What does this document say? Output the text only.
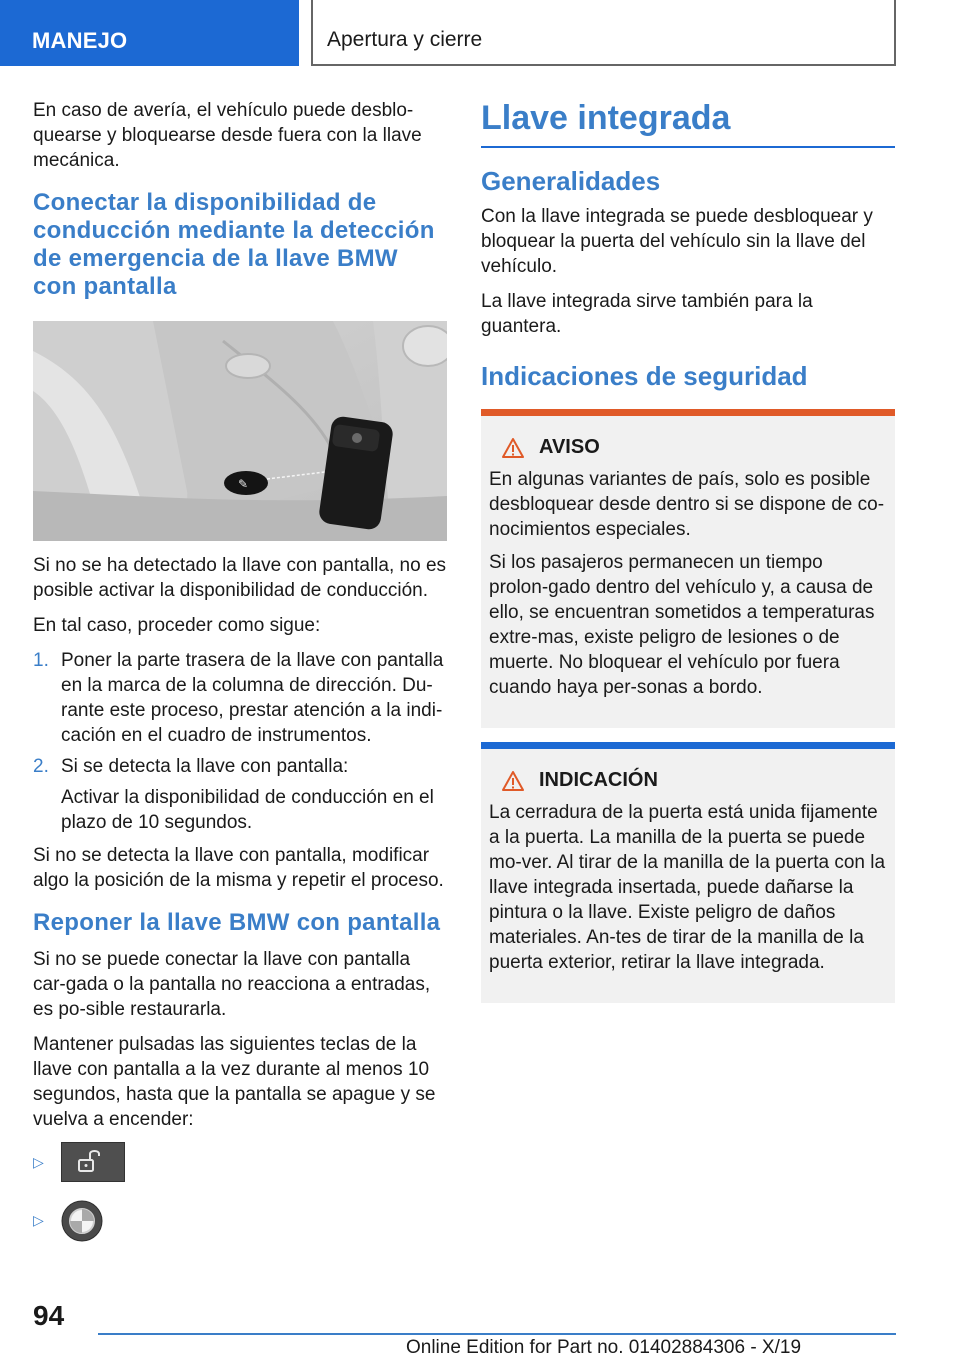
MANEJO	Apertura y cierre

En caso de avería, el vehículo puede desblo-quearse y bloquearse desde fuera con la llave mecánica.

Conectar la disponibilidad de conducción mediante la detección de emergencia de la llave BMW con pantalla
✎

Si no se ha detectado la llave con pantalla, no es posible activar la disponibilidad de conducción.

En tal caso, proceder como sigue:

1. Poner la parte trasera de la llave con pantalla en la marca de la columna de dirección. Du-rante este proceso, prestar atención a la indi-cación en el cuadro de instrumentos.
2. Si se detecta la llave con pantalla:

Activar la disponibilidad de conducción en el plazo de 10 segundos.

Si no se detecta la llave con pantalla, modificar algo la posición de la misma y repetir el proceso.

Reponer la llave BMW con pantalla

Si no se puede conectar la llave con pantalla car-gada o la pantalla no reacciona a entradas, es po-sible restaurarla.

Mantener pulsadas las siguientes teclas de la llave con pantalla a la vez durante al menos 10 segundos, hasta que la pantalla se apague y se vuelva a encender:

▷
▷
Llave integrada
Generalidades

Con la llave integrada se puede desbloquear y bloquear la puerta del vehículo sin la llave del vehículo.

La llave integrada sirve también para la guantera.

Indicaciones de seguridad
AVISO

En algunas variantes de país, solo es posible desbloquear desde dentro si se dispone de co-nocimientos especiales.

Si los pasajeros permanecen un tiempo prolon-gado dentro del vehículo y, a causa de ello, se encuentran sometidos a temperaturas extre-mas, existe peligro de lesiones o de muerte. No bloquear el vehículo por fuera cuando haya per-sonas a bordo.

INDICACIÓN

La cerradura de la puerta está unida fijamente a la puerta. La manilla de la puerta se puede mo-ver. Al tirar de la manilla de la puerta con la llave integrada insertada, puede dañarse la pintura o la llave. Existe peligro de daños materiales. An-tes de tirar de la manilla de la puerta exterior, retirar la llave integrada.

94
Online Edition for Part no. 01402884306 - X/19
